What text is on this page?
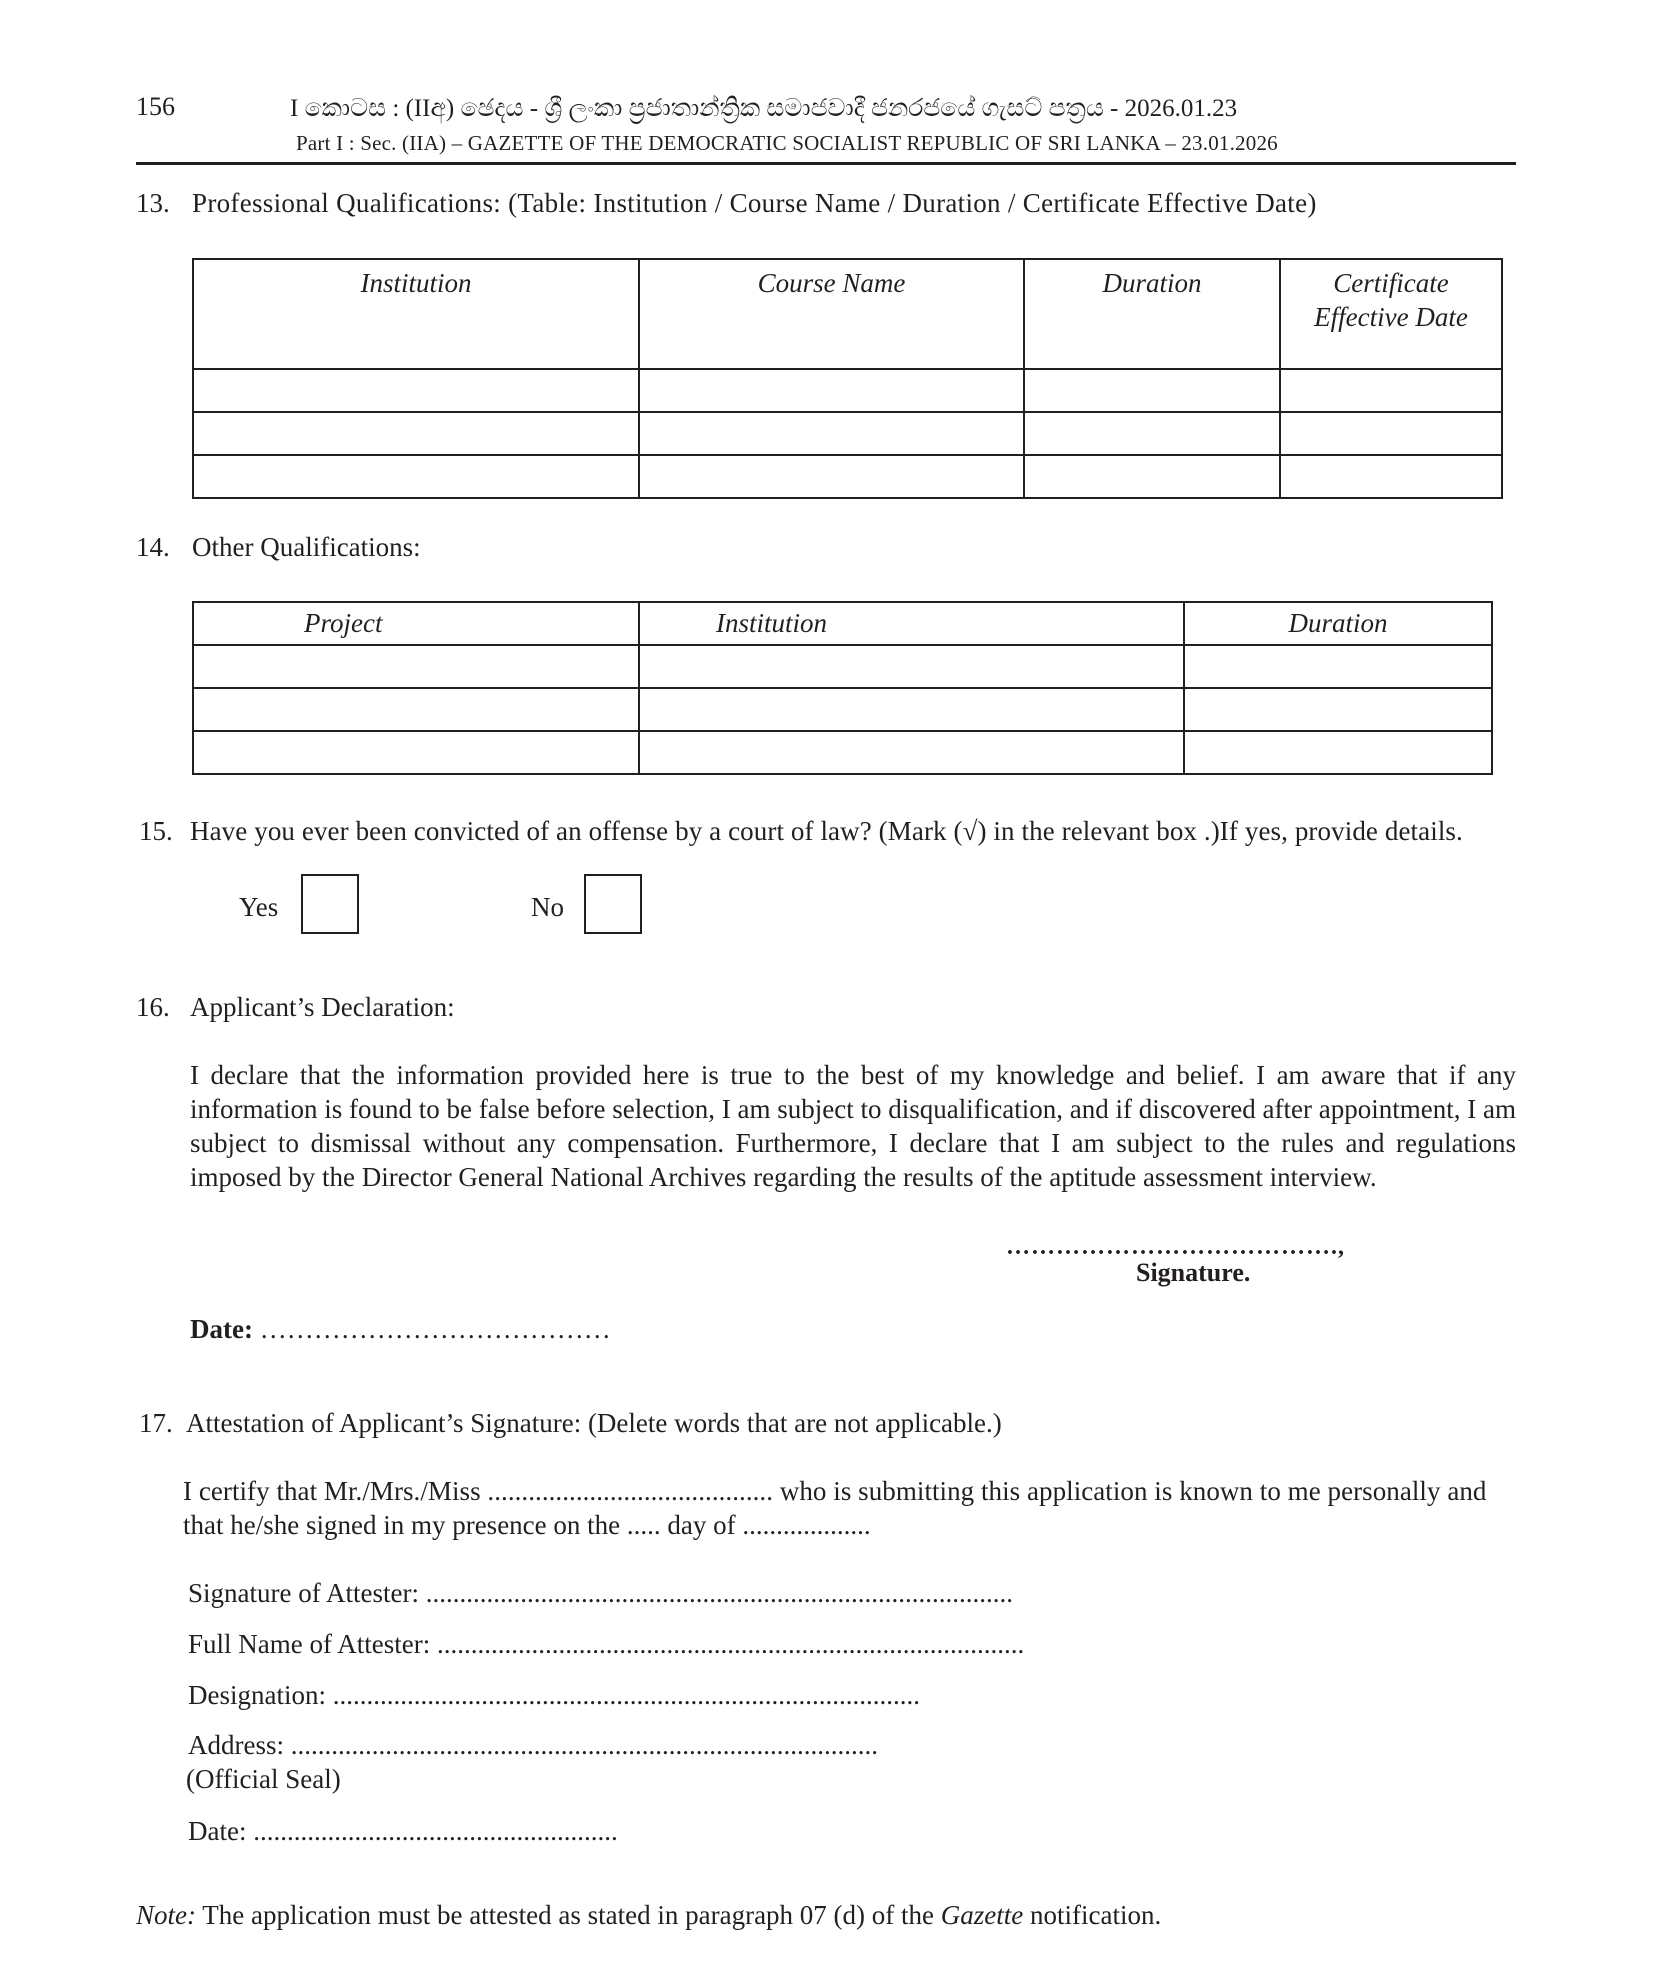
156	I කොටස : (IIඅ) ඡෙදය - ශ්‍රී ලංකා ප්‍රජාතාන්ත්‍රික සමාජවාදී ජනරජයේ ගැසට් පත්‍රය - 2026.01.23
Part I : Sec. (IIA) – GAZETTE OF THE DEMOCRATIC SOCIALIST REPUBLIC OF SRI LANKA – 23.01.2026
13. Professional Qualifications: (Table: Institution / Course Name / Duration / Certificate Effective Date)
Institution	Course Name	Duration	Certificate Effective Date

14. Other Qualifications:
Project	Institution	Duration

15. Have you ever been convicted of an offense by a court of law? (Mark (√) in the relevant box .)If yes, provide details.
Yes	No
16. Applicant’s Declaration:
I declare that the information provided here is true to the best of my knowledge and belief. I am aware that if any information is found to be false before selection, I am subject to disqualification, and if discovered after appointment, I am subject to dismissal without any compensation. Furthermore, I declare that I am subject to the rules and regulations imposed by the Director General National Archives regarding the results of the aptitude assessment interview.
………………………………….,
Signature.
Date: …………………………………
17. Attestation of Applicant’s Signature: (Delete words that are not applicable.)
I certify that Mr./Mrs./Miss .......................................... who is submitting this application is known to me personally and
that he/she signed in my presence on the ..... day of ...................
Signature of Attester: .......................................................................................
Full Name of Attester: .......................................................................................
Designation: .......................................................................................
Address: .......................................................................................
(Official Seal)
Date: ......................................................
Note: The application must be attested as stated in paragraph 07 (d) of the Gazette notification.
